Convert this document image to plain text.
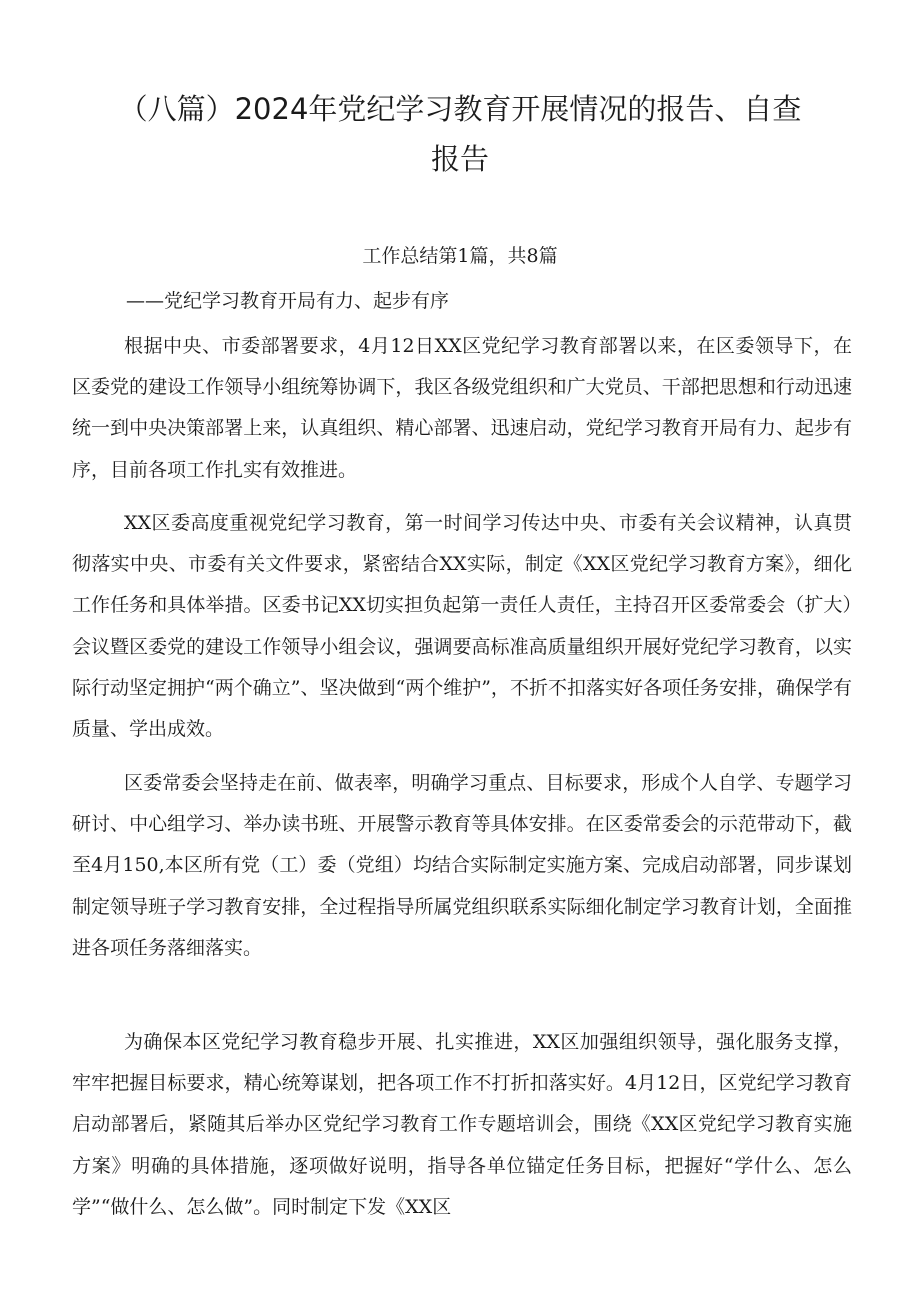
（八篇）2024年党纪学习教育开展情况的报告、自查
报告

工作总结第1篇，共8篇

——党纪学习教育开局有力、起步有序

根据中央、市委部署要求，4月12日XX区党纪学习教育部署以来，在区委领导下，在区委党的建设工作领导小组统筹协调下，我区各级党组织和广大党员、干部把思想和行动迅速统一到中央决策部署上来，认真组织、精心部署、迅速启动，党纪学习教育开局有力、起步有序，目前各项工作扎实有效推进。

XX区委高度重视党纪学习教育，第一时间学习传达中央、市委有关会议精神，认真贯彻落实中央、市委有关文件要求，紧密结合XX实际，制定《XX区党纪学习教育方案》，细化工作任务和具体举措。区委书记XX切实担负起第一责任人责任，主持召开区委常委会（扩大）会议暨区委党的建设工作领导小组会议，强调要高标准高质量组织开展好党纪学习教育，以实际行动坚定拥护“两个确立”、坚决做到“两个维护”，不折不扣落实好各项任务安排，确保学有质量、学出成效。

区委常委会坚持走在前、做表率，明确学习重点、目标要求，形成个人自学、专题学习研讨、中心组学习、举办读书班、开展警示教育等具体安排。在区委常委会的示范带动下，截至4月150,本区所有党（工）委（党组）均结合实际制定实施方案、完成启动部署，同步谋划制定领导班子学习教育安排，全过程指导所属党组织联系实际细化制定学习教育计划，全面推进各项任务落细落实。

为确保本区党纪学习教育稳步开展、扎实推进，XX区加强组织领导，强化服务支撑，牢牢把握目标要求，精心统筹谋划，把各项工作不打折扣落实好。4月12日，区党纪学习教育启动部署后，紧随其后举办区党纪学习教育工作专题培训会，围绕《XX区党纪学习教育实施方案》明确的具体措施，逐项做好说明，指导各单位锚定任务目标，把握好“学什么、怎么学”“做什么、怎么做”。同时制定下发《XX区
